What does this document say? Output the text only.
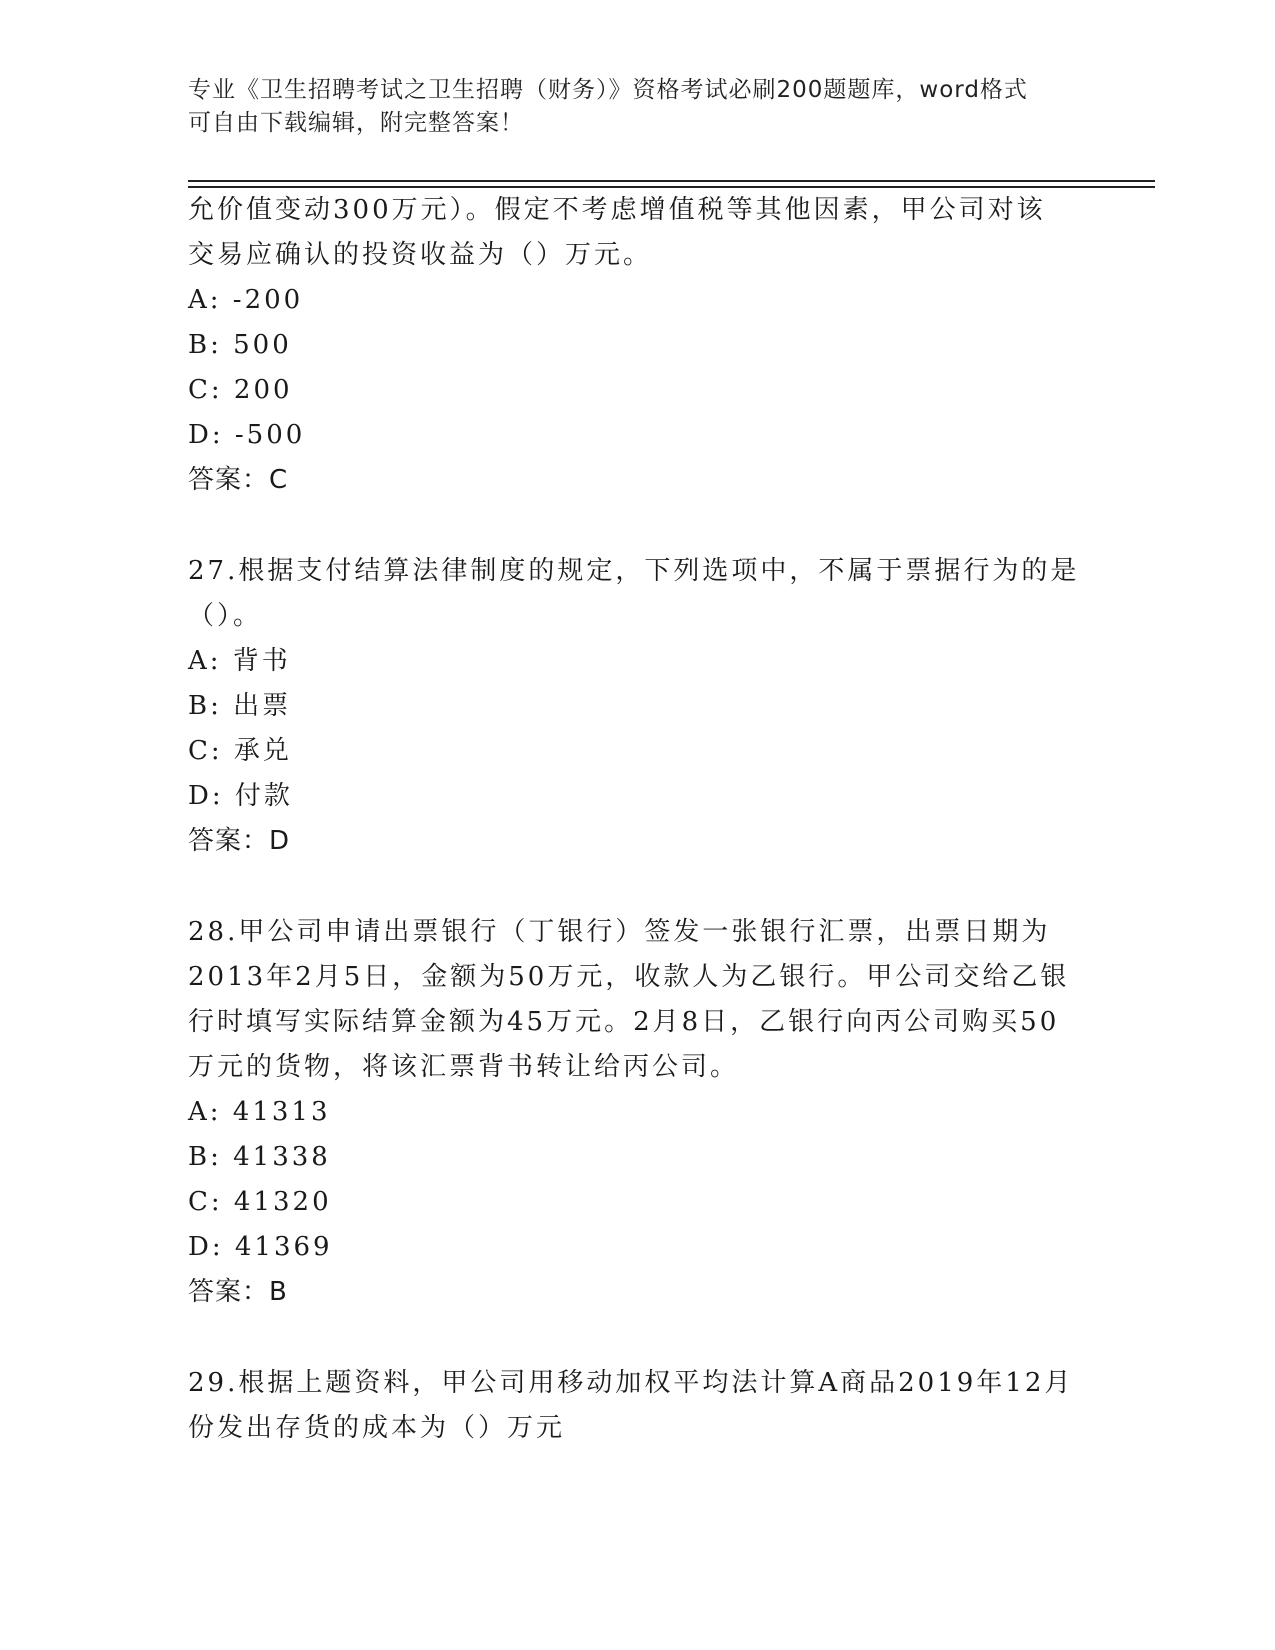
专业《卫生招聘考试之卫生招聘（财务）》资格考试必刷200题题库，word格式
可自由下载编辑，附完整答案！
允价值变动300万元）。假定不考虑增值税等其他因素，甲公司对该
交易应确认的投资收益为（）万元。
A: -200
B: 500
C: 200
D: -500
答案：C
27.根据支付结算法律制度的规定，下列选项中，不属于票据行为的是
（）。
A: 背书
B: 出票
C: 承兑
D: 付款
答案：D
28.甲公司申请出票银行（丁银行）签发一张银行汇票，出票日期为
2013年2月5日，金额为50万元，收款人为乙银行。甲公司交给乙银
行时填写实际结算金额为45万元。2月8日，乙银行向丙公司购买50
万元的货物，将该汇票背书转让给丙公司。
A: 41313
B: 41338
C: 41320
D: 41369
答案：B
29.根据上题资料，甲公司用移动加权平均法计算A商品2019年12月
份发出存货的成本为（）万元
